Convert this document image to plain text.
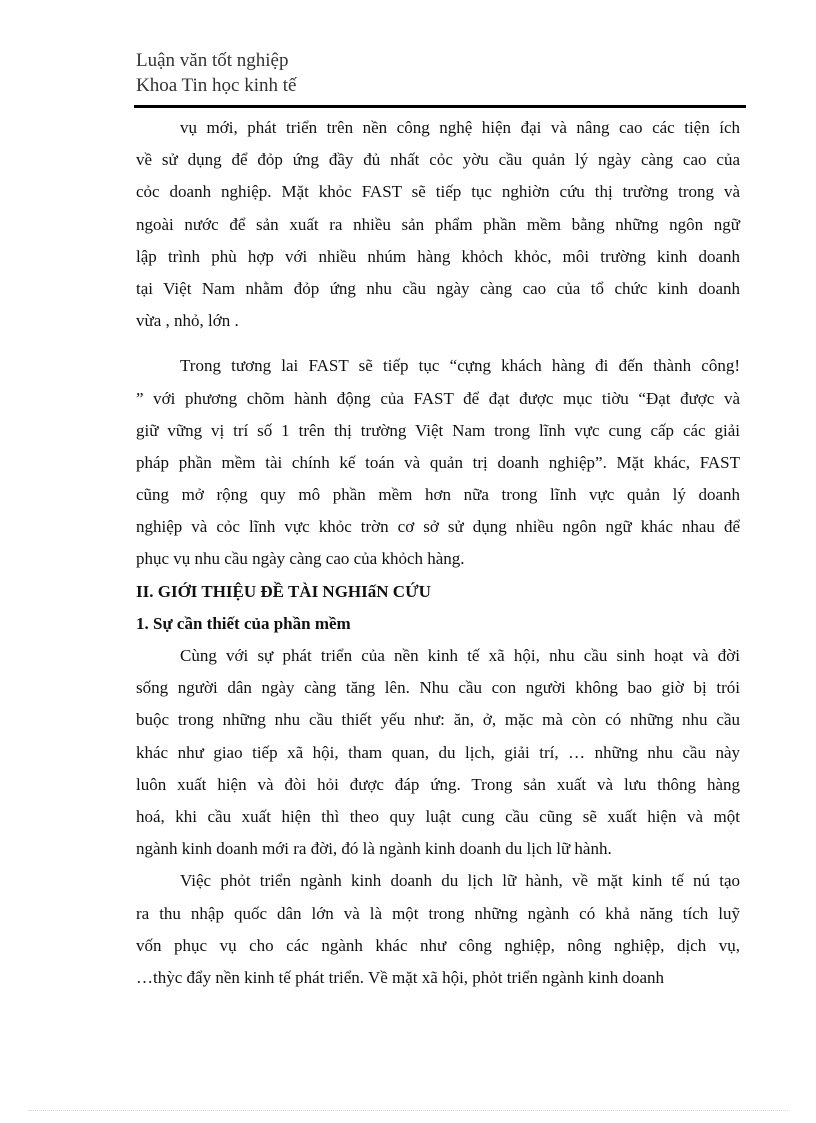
Luận văn tốt nghiệp
Khoa Tin học kinh tế
vụ mới, phát triển trên nền công nghệ hiện đại và nâng cao các tiện ích
về sử dụng để đỏp ứng đầy đủ nhất cỏc yờu cầu quản lý ngày càng cao của
cỏc doanh nghiệp. Mặt khỏc FAST sẽ tiếp tục nghiờn cứu thị trường trong và
ngoài nước để sản xuất ra nhiều sản phẩm phần mềm bằng những ngôn ngữ
lập trình phù hợp với nhiều nhúm hàng khỏch khỏc, môi trường kinh doanh
tại Việt Nam nhằm đỏp ứng nhu cầu ngày càng cao của tổ chức kinh doanh
vừa , nhỏ, lớn .
Trong tương lai FAST sẽ tiếp tục “cựng khách hàng đi đến thành công!
” với phương chõm hành động của FAST để đạt được mục tiờu “Đạt được và
giữ vững vị trí số 1 trên thị trường Việt Nam trong lĩnh vực cung cấp các giải
pháp phần mềm tài chính kế toán và quản trị doanh nghiệp”. Mặt khác, FAST
cũng mở rộng quy mô phần mềm hơn nữa trong lĩnh vực quản lý doanh
nghiệp và cỏc lĩnh vực khỏc trờn cơ sở sử dụng nhiều ngôn ngữ khác nhau để
phục vụ nhu cầu ngày càng cao của khỏch hàng.
II. GIỚI THIỆU ĐỀ TÀI NGHIấN CỨU
1. Sự cần thiết của phần mềm
Cùng với sự phát triển của nền kinh tế xã hội, nhu cầu sinh hoạt và đời
sống người dân ngày càng tăng lên. Nhu cầu con người không bao giờ bị trói
buộc trong những nhu cầu thiết yếu như: ăn, ở, mặc mà còn có những nhu cầu
khác như giao tiếp xã hội, tham quan, du lịch, giải trí, … những nhu cầu này
luôn xuất hiện và đòi hỏi được đáp ứng. Trong sản xuất và lưu thông hàng
hoá, khi cầu xuất hiện thì theo quy luật cung cầu cũng sẽ xuất hiện và một
ngành kinh doanh mới ra đời, đó là ngành kinh doanh du lịch lữ hành.
Việc phỏt triển ngành kinh doanh du lịch lữ hành, về mặt kinh tế nú tạo
ra thu nhập quốc dân lớn và là một trong những ngành có khả năng tích luỹ
vốn phục vụ cho các ngành khác như công nghiệp, nông nghiệp, dịch vụ,
…thỳc đẩy nền kinh tế phát triển. Về mặt xã hội, phỏt triển ngành kinh doanh
